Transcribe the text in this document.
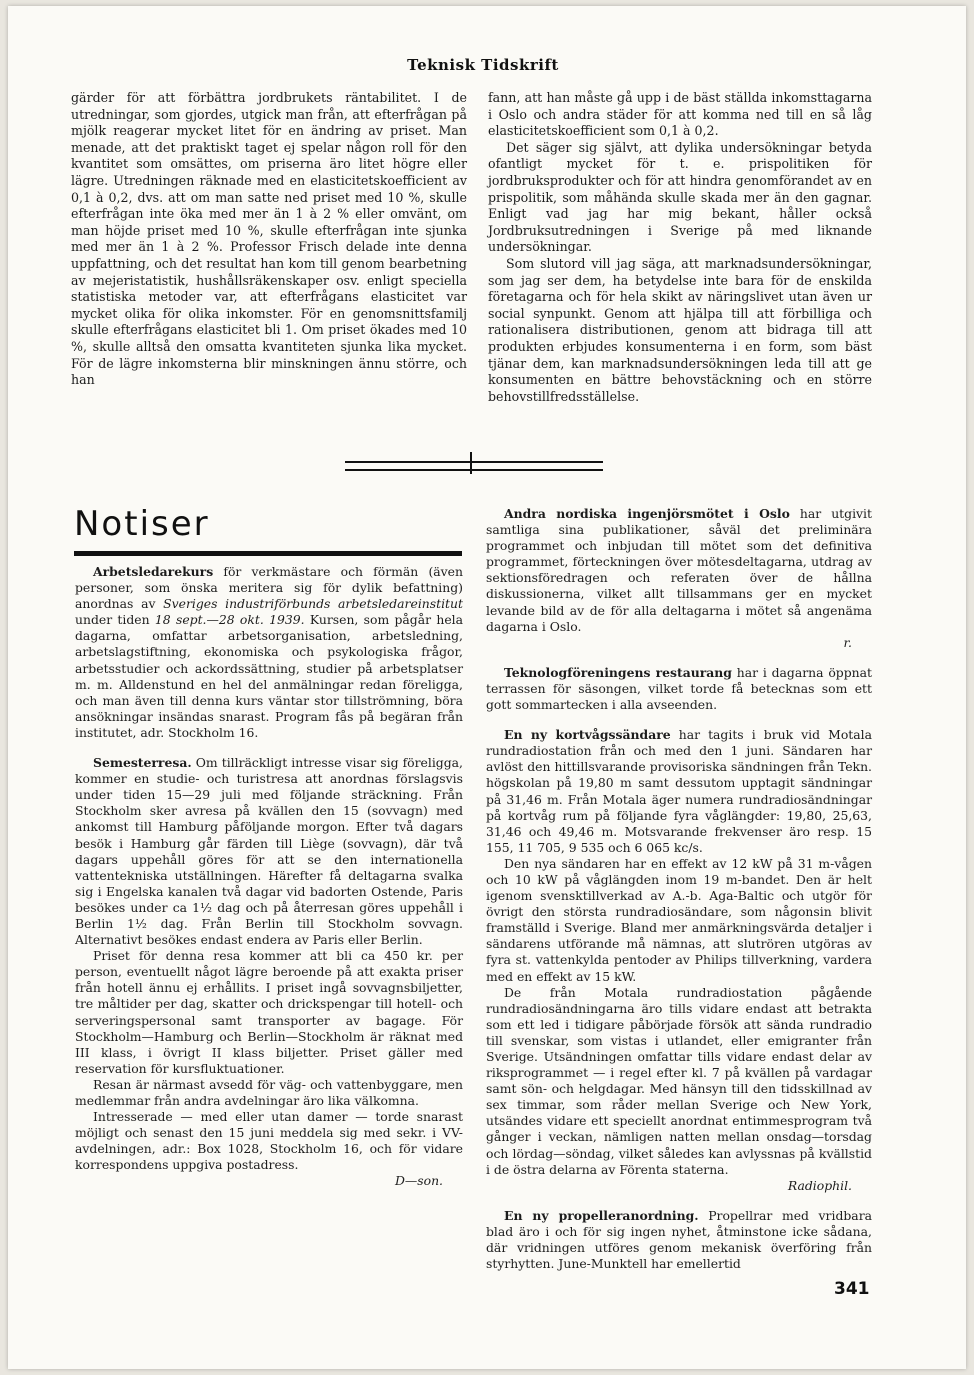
Teknisk Tidskrift

gärder för att förbättra jordbrukets räntabilitet. I de utredningar, som gjordes, utgick man från, att efterfrågan på mjölk reagerar mycket litet för en ändring av priset. Man menade, att det praktiskt taget ej spelar någon roll för den kvantitet som omsättes, om priserna äro litet högre eller lägre. Utredningen räknade med en elasticitetskoefficient av 0,1 à 0,2, dvs. att om man satte ned priset med 10 %, skulle efterfrågan inte öka med mer än 1 à 2 % eller omvänt, om man höjde priset med 10 %, skulle efterfrågan inte sjunka med mer än 1 à 2 %. Professor Frisch delade inte denna uppfattning, och det resultat han kom till genom bearbetning av mejeristatistik, hushållsräkenskaper osv. enligt speciella statistiska metoder var, att efterfrågans elasticitet var mycket olika för olika inkomster. För en genomsnittsfamilj skulle efterfrågans elasticitet bli 1. Om priset ökades med 10 %, skulle alltså den omsatta kvantiteten sjunka lika mycket. För de lägre inkomsterna blir minskningen ännu större, och han

fann, att han måste gå upp i de bäst ställda inkomsttagarna i Oslo och andra städer för att komma ned till en så låg elasticitetskoefficient som 0,1 à 0,2.

Det säger sig självt, att dylika undersökningar betyda ofantligt mycket för t. e. prispolitiken för jordbruksprodukter och för att hindra genomförandet av en prispolitik, som måhända skulle skada mer än den gagnar. Enligt vad jag har mig bekant, håller också Jordbruksutredningen i Sverige på med liknande undersökningar.

Som slutord vill jag säga, att marknadsundersökningar, som jag ser dem, ha betydelse inte bara för de enskilda företagarna och för hela skikt av näringslivet utan även ur social synpunkt. Genom att hjälpa till att förbilliga och rationalisera distributionen, genom att bidraga till att produkten erbjudes konsumenterna i en form, som bäst tjänar dem, kan marknadsundersökningen leda till att ge konsumenten en bättre behovstäckning och en större behovstillfredsställelse.

Notiser

Arbetsledarekurs för verkmästare och förmän (även personer, som önska meritera sig för dylik befattning) anordnas av Sveriges industriförbunds arbetsledareinstitut under tiden 18 sept.—28 okt. 1939. Kursen, som pågår hela dagarna, omfattar arbetsorganisation, arbetsledning, arbetslagstiftning, ekonomiska och psykologiska frågor, arbetsstudier och ackordssättning, studier på arbetsplatser m. m. Alldenstund en hel del anmälningar redan föreligga, och man även till denna kurs väntar stor tillströmning, böra ansökningar insändas snarast. Program fås på begäran från institutet, adr. Stockholm 16.

Semesterresa. Om tillräckligt intresse visar sig föreligga, kommer en studie- och turistresa att anordnas förslagsvis under tiden 15—29 juli med följande sträckning. Från Stockholm sker avresa på kvällen den 15 (sovvagn) med ankomst till Hamburg påföljande morgon. Efter två dagars besök i Hamburg går färden till Liège (sovvagn), där två dagars uppehåll göres för att se den internationella vattentekniska utställningen. Härefter få deltagarna svalka sig i Engelska kanalen två dagar vid badorten Ostende, Paris besökes under ca 1½ dag och på återresan göres uppehåll i Berlin 1½ dag. Från Berlin till Stockholm sovvagn. Alternativt besökes endast endera av Paris eller Berlin.

Priset för denna resa kommer att bli ca 450 kr. per person, eventuellt något lägre beroende på att exakta priser från hotell ännu ej erhållits. I priset ingå sovvagnsbiljetter, tre måltider per dag, skatter och drickspengar till hotell- och serveringspersonal samt transporter av bagage. För Stockholm—Hamburg och Berlin—Stockholm är räknat med III klass, i övrigt II klass biljetter. Priset gäller med reservation för kursfluktuationer.

Resan är närmast avsedd för väg- och vattenbyggare, men medlemmar från andra avdelningar äro lika välkomna.

Intresserade — med eller utan damer — torde snarast möjligt och senast den 15 juni meddela sig med sekr. i VV-avdelningen, adr.: Box 1028, Stockholm 16, och för vidare korrespondens uppgiva postadress.

D—son.

Andra nordiska ingenjörsmötet i Oslo har utgivit samtliga sina publikationer, såväl det preliminära programmet och inbjudan till mötet som det definitiva programmet, förteckningen över mötesdeltagarna, utdrag av sektionsföredragen och referaten över de hållna diskussionerna, vilket allt tillsammans ger en mycket levande bild av de för alla deltagarna i mötet så angenäma dagarna i Oslo.

r.

Teknologföreningens restaurang har i dagarna öppnat terrassen för säsongen, vilket torde få betecknas som ett gott sommartecken i alla avseenden.

En ny kortvågssändare har tagits i bruk vid Motala rundradiostation från och med den 1 juni. Sändaren har avlöst den hittillsvarande provisoriska sändningen från Tekn. högskolan på 19,80 m samt dessutom upptagit sändningar på 31,46 m. Från Motala äger numera rundradiosändningar på kortvåg rum på följande fyra våglängder: 19,80, 25,63, 31,46 och 49,46 m. Motsvarande frekvenser äro resp. 15 155, 11 705, 9 535 och 6 065 kc/s.

Den nya sändaren har en effekt av 12 kW på 31 m-vågen och 10 kW på våglängden inom 19 m-bandet. Den är helt igenom svensktillverkad av A.-b. Aga-Baltic och utgör för övrigt den största rundradiosändare, som någonsin blivit framställd i Sverige. Bland mer anmärkningsvärda detaljer i sändarens utförande må nämnas, att slutrören utgöras av fyra st. vattenkylda pentoder av Philips tillverkning, vardera med en effekt av 15 kW.

De från Motala rundradiostation pågående rundradiosändningarna äro tills vidare endast att betrakta som ett led i tidigare påbörjade försök att sända rundradio till svenskar, som vistas i utlandet, eller emigranter från Sverige. Utsändningen omfattar tills vidare endast delar av riksprogrammet — i regel efter kl. 7 på kvällen på vardagar samt sön- och helgdagar. Med hänsyn till den tidsskillnad av sex timmar, som råder mellan Sverige och New York, utsändes vidare ett speciellt anordnat entimmesprogram två gånger i veckan, nämligen natten mellan onsdag—torsdag och lördag—söndag, vilket således kan avlyssnas på kvällstid i de östra delarna av Förenta staterna.

Radiophil.

En ny propelleranordning. Propellrar med vridbara blad äro i och för sig ingen nyhet, åtminstone icke sådana, där vridningen utföres genom mekanisk överföring från styrhytten. June-Munktell har emellertid

341
